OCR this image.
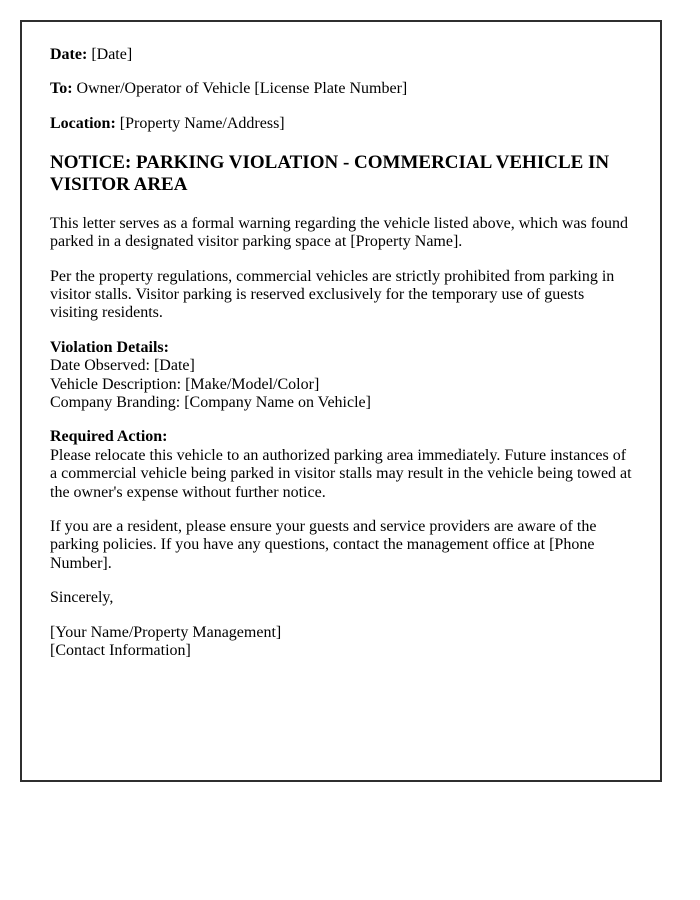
Date: [Date]
To: Owner/Operator of Vehicle [License Plate Number]
Location: [Property Name/Address]
NOTICE: PARKING VIOLATION - COMMERCIAL VEHICLE IN VISITOR AREA
This letter serves as a formal warning regarding the vehicle listed above, which was found parked in a designated visitor parking space at [Property Name].
Per the property regulations, commercial vehicles are strictly prohibited from parking in visitor stalls. Visitor parking is reserved exclusively for the temporary use of guests visiting residents.
Violation Details:
Date Observed: [Date]
Vehicle Description: [Make/Model/Color]
Company Branding: [Company Name on Vehicle]
Required Action:
Please relocate this vehicle to an authorized parking area immediately. Future instances of a commercial vehicle being parked in visitor stalls may result in the vehicle being towed at the owner's expense without further notice.
If you are a resident, please ensure your guests and service providers are aware of the parking policies. If you have any questions, contact the management office at [Phone Number].
Sincerely,
[Your Name/Property Management]
[Contact Information]
